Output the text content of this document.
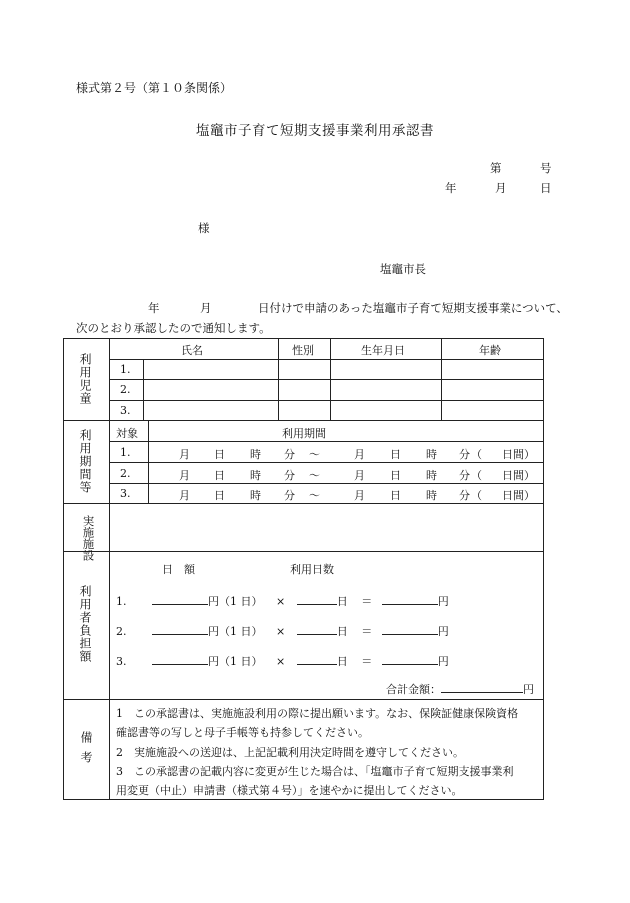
様式第２号（第１０条関係）
塩竈市子育て短期支援事業利用承認書
第	号
年	月	日
様
塩竈市長
年	月	日付けで申請のあった塩竈市子育て短期支援事業について、
次のとおり承認したので通知します。
利用児童
氏名	性別	生年月日	年齢
1.
2.
3.
利用期間等 対象	利用期間
1.	月 日 時 分 ～	月 日 時 分 （ 日間）
2.	月 日 時 分 ～	月 日 時 分 （ 日間）
3.	月 日 時 分 ～	月 日 時 分 （ 日間）
実施施設
利用者負担額
日　額	利用日数
1.	円（1 日） ×	日 ＝	円
2.	円（1 日） ×	日 ＝	円
3.	円（1 日） ×	日 ＝	円
合計金額：	円
備考
1　この承認書は、実施施設利用の際に提出願います。なお、保険証健康保険資格
確認書等の写しと母子手帳等も持参してください。
2　実施施設への送迎は、上記記載利用決定時間を遵守してください。
3　この承認書の記載内容に変更が生じた場合は、「塩竈市子育て短期支援事業利
用変更（中止）申請書（様式第４号）」を速やかに提出してください。
